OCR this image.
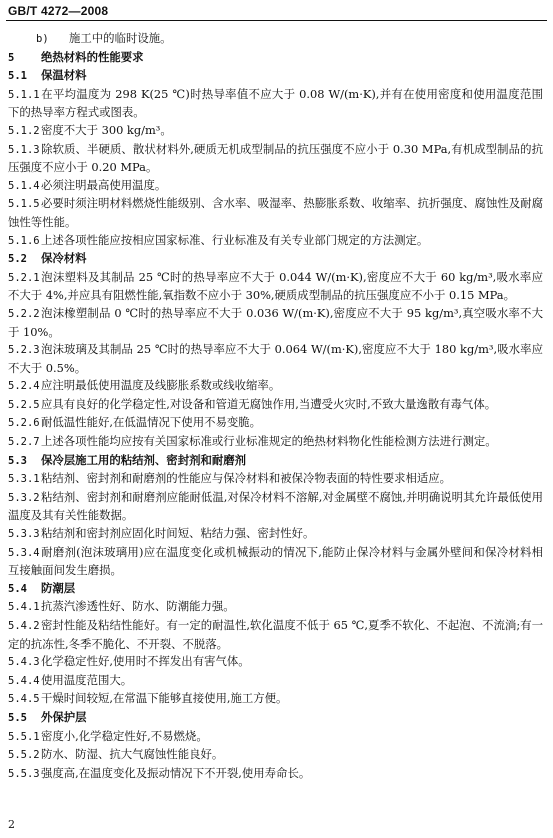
GB/T 4272—2008
b) 施工中的临时设施。
5 绝热材料的性能要求
5.1 保温材料
5.1.1在平均温度为 298 K(25 ℃)时热导率值不应大于 0.08 W/(m·K),并有在使用密度和使用温度范围下的热导率方程式或图表。
5.1.2密度不大于 300 kg/m³。
5.1.3除软质、半硬质、散状材料外,硬质无机成型制品的抗压强度不应小于 0.30 MPa,有机成型制品的抗压强度不应小于 0.20 MPa。
5.1.4必须注明最高使用温度。
5.1.5必要时须注明材料燃烧性能级别、含水率、吸湿率、热膨胀系数、收缩率、抗折强度、腐蚀性及耐腐蚀性等性能。
5.1.6上述各项性能应按相应国家标准、行业标准及有关专业部门规定的方法测定。
5.2 保冷材料
5.2.1泡沫塑料及其制品 25 ℃时的热导率应不大于 0.044 W/(m·K),密度应不大于 60 kg/m³,吸水率应不大于 4%,并应具有阻燃性能,氧指数不应小于 30%,硬质成型制品的抗压强度应不小于 0.15 MPa。
5.2.2泡沫橡塑制品 0 ℃时的热导率应不大于 0.036 W/(m·K),密度应不大于 95 kg/m³,真空吸水率不大于 10%。
5.2.3泡沫玻璃及其制品 25 ℃时的热导率应不大于 0.064 W/(m·K),密度应不大于 180 kg/m³,吸水率应不大于 0.5%。
5.2.4应注明最低使用温度及线膨胀系数或线收缩率。
5.2.5应具有良好的化学稳定性,对设备和管道无腐蚀作用,当遭受火灾时,不致大量逸散有毒气体。
5.2.6耐低温性能好,在低温情况下使用不易变脆。
5.2.7上述各项性能均应按有关国家标准或行业标准规定的绝热材料物化性能检测方法进行测定。
5.3 保冷层施工用的粘结剂、密封剂和耐磨剂
5.3.1粘结剂、密封剂和耐磨剂的性能应与保冷材料和被保冷物表面的特性要求相适应。
5.3.2粘结剂、密封剂和耐磨剂应能耐低温,对保冷材料不溶解,对金属壁不腐蚀,并明确说明其允许最低使用温度及其有关性能数据。
5.3.3粘结剂和密封剂应固化时间短、粘结力强、密封性好。
5.3.4耐磨剂(泡沫玻璃用)应在温度变化或机械振动的情况下,能防止保冷材料与金属外壁间和保冷材料相互接触面间发生磨损。
5.4 防潮层
5.4.1抗蒸汽渗透性好、防水、防潮能力强。
5.4.2密封性能及粘结性能好。有一定的耐温性,软化温度不低于 65 ℃,夏季不软化、不起泡、不流淌;有一定的抗冻性,冬季不脆化、不开裂、不脱落。
5.4.3化学稳定性好,使用时不挥发出有害气体。
5.4.4使用温度范围大。
5.4.5干燥时间较短,在常温下能够直接使用,施工方便。
5.5 外保护层
5.5.1密度小,化学稳定性好,不易燃烧。
5.5.2防水、防湿、抗大气腐蚀性能良好。
5.5.3强度高,在温度变化及振动情况下不开裂,使用寿命长。
2
